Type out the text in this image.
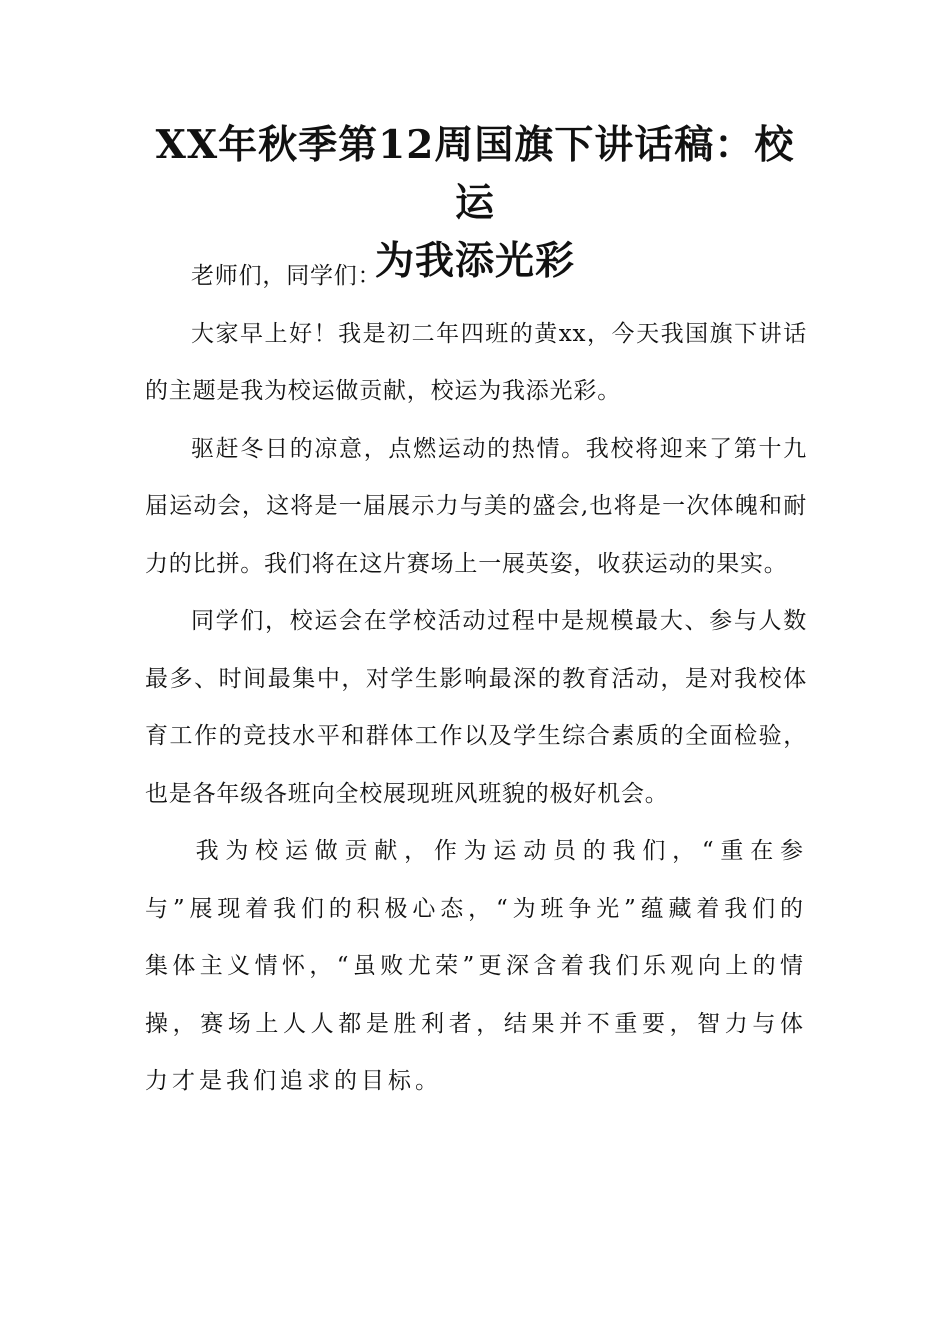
XX年秋季第12周国旗下讲话稿：校运
为我添光彩

老师们，同学们：

大家早上好！我是初二年四班的黄xx，今天我国旗下讲话的主题是我为校运做贡献，校运为我添光彩。

驱赶冬日的凉意，点燃运动的热情。我校将迎来了第十九届运动会，这将是一届展示力与美的盛会,也将是一次体魄和耐力的比拼。我们将在这片赛场上一展英姿，收获运动的果实。

同学们，校运会在学校活动过程中是规模最大、参与人数最多、时间最集中，对学生影响最深的教育活动，是对我校体育工作的竞技水平和群体工作以及学生综合素质的全面检验，也是各年级各班向全校展现班风班貌的极好机会。

我为校运做贡献，作为运动员的我们，“重在参与”展现着我们的积极心态，“为班争光”蕴藏着我们的集体主义情怀，“虽败尤荣”更深含着我们乐观向上的情操，赛场上人人都是胜利者，结果并不重要，智力与体力才是我们追求的目标。
